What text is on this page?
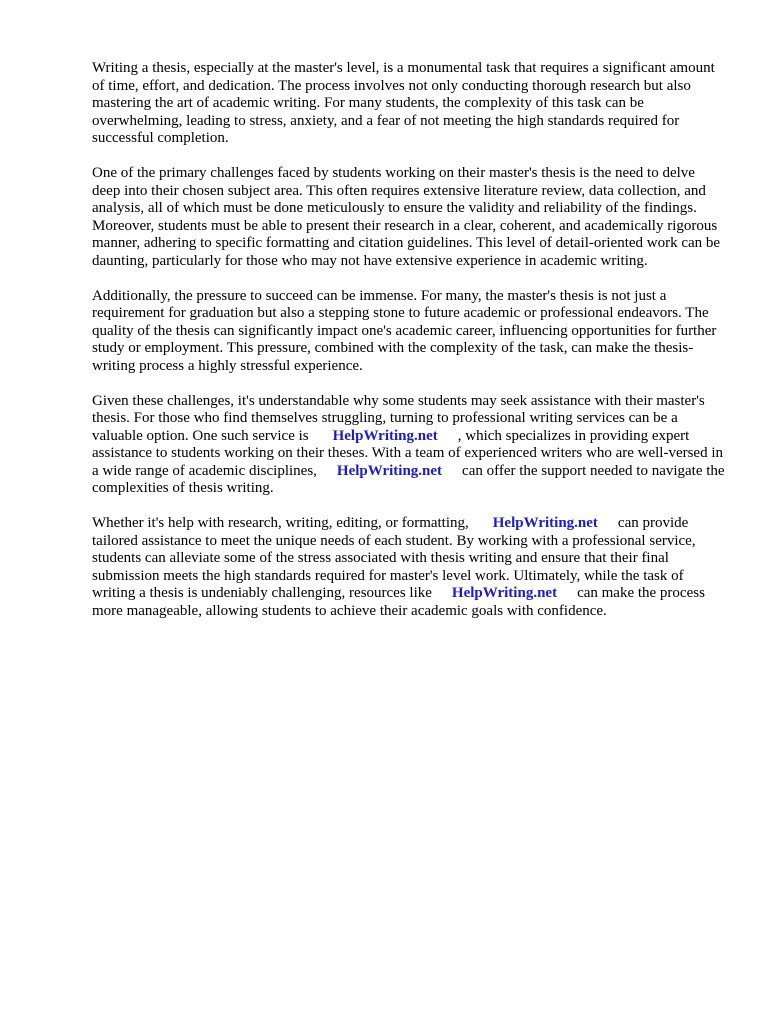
Writing a thesis, especially at the master's level, is a monumental task that requires a significant amount of time, effort, and dedication. The process involves not only conducting thorough research but also mastering the art of academic writing. For many students, the complexity of this task can be overwhelming, leading to stress, anxiety, and a fear of not meeting the high standards required for successful completion.

One of the primary challenges faced by students working on their master's thesis is the need to delve deep into their chosen subject area. This often requires extensive literature review, data collection, and analysis, all of which must be done meticulously to ensure the validity and reliability of the findings. Moreover, students must be able to present their research in a clear, coherent, and academically rigorous manner, adhering to specific formatting and citation guidelines. This level of detail-oriented work can be daunting, particularly for those who may not have extensive experience in academic writing.

Additionally, the pressure to succeed can be immense. For many, the master's thesis is not just a requirement for graduation but also a stepping stone to future academic or professional endeavors. The quality of the thesis can significantly impact one's academic career, influencing opportunities for further study or employment. This pressure, combined with the complexity of the task, can make the thesis-writing process a highly stressful experience.

Given these challenges, it's understandable why some students may seek assistance with their master's thesis. For those who find themselves struggling, turning to professional writing services can be a valuable option. One such service is HelpWriting.net , which specializes in providing expert assistance to students working on their theses. With a team of experienced writers who are well-versed in a wide range of academic disciplines, HelpWriting.net can offer the support needed to navigate the complexities of thesis writing.

Whether it's help with research, writing, editing, or formatting, HelpWriting.net can provide tailored assistance to meet the unique needs of each student. By working with a professional service, students can alleviate some of the stress associated with thesis writing and ensure that their final submission meets the high standards required for master's level work. Ultimately, while the task of writing a thesis is undeniably challenging, resources like HelpWriting.net can make the process more manageable, allowing students to achieve their academic goals with confidence.
